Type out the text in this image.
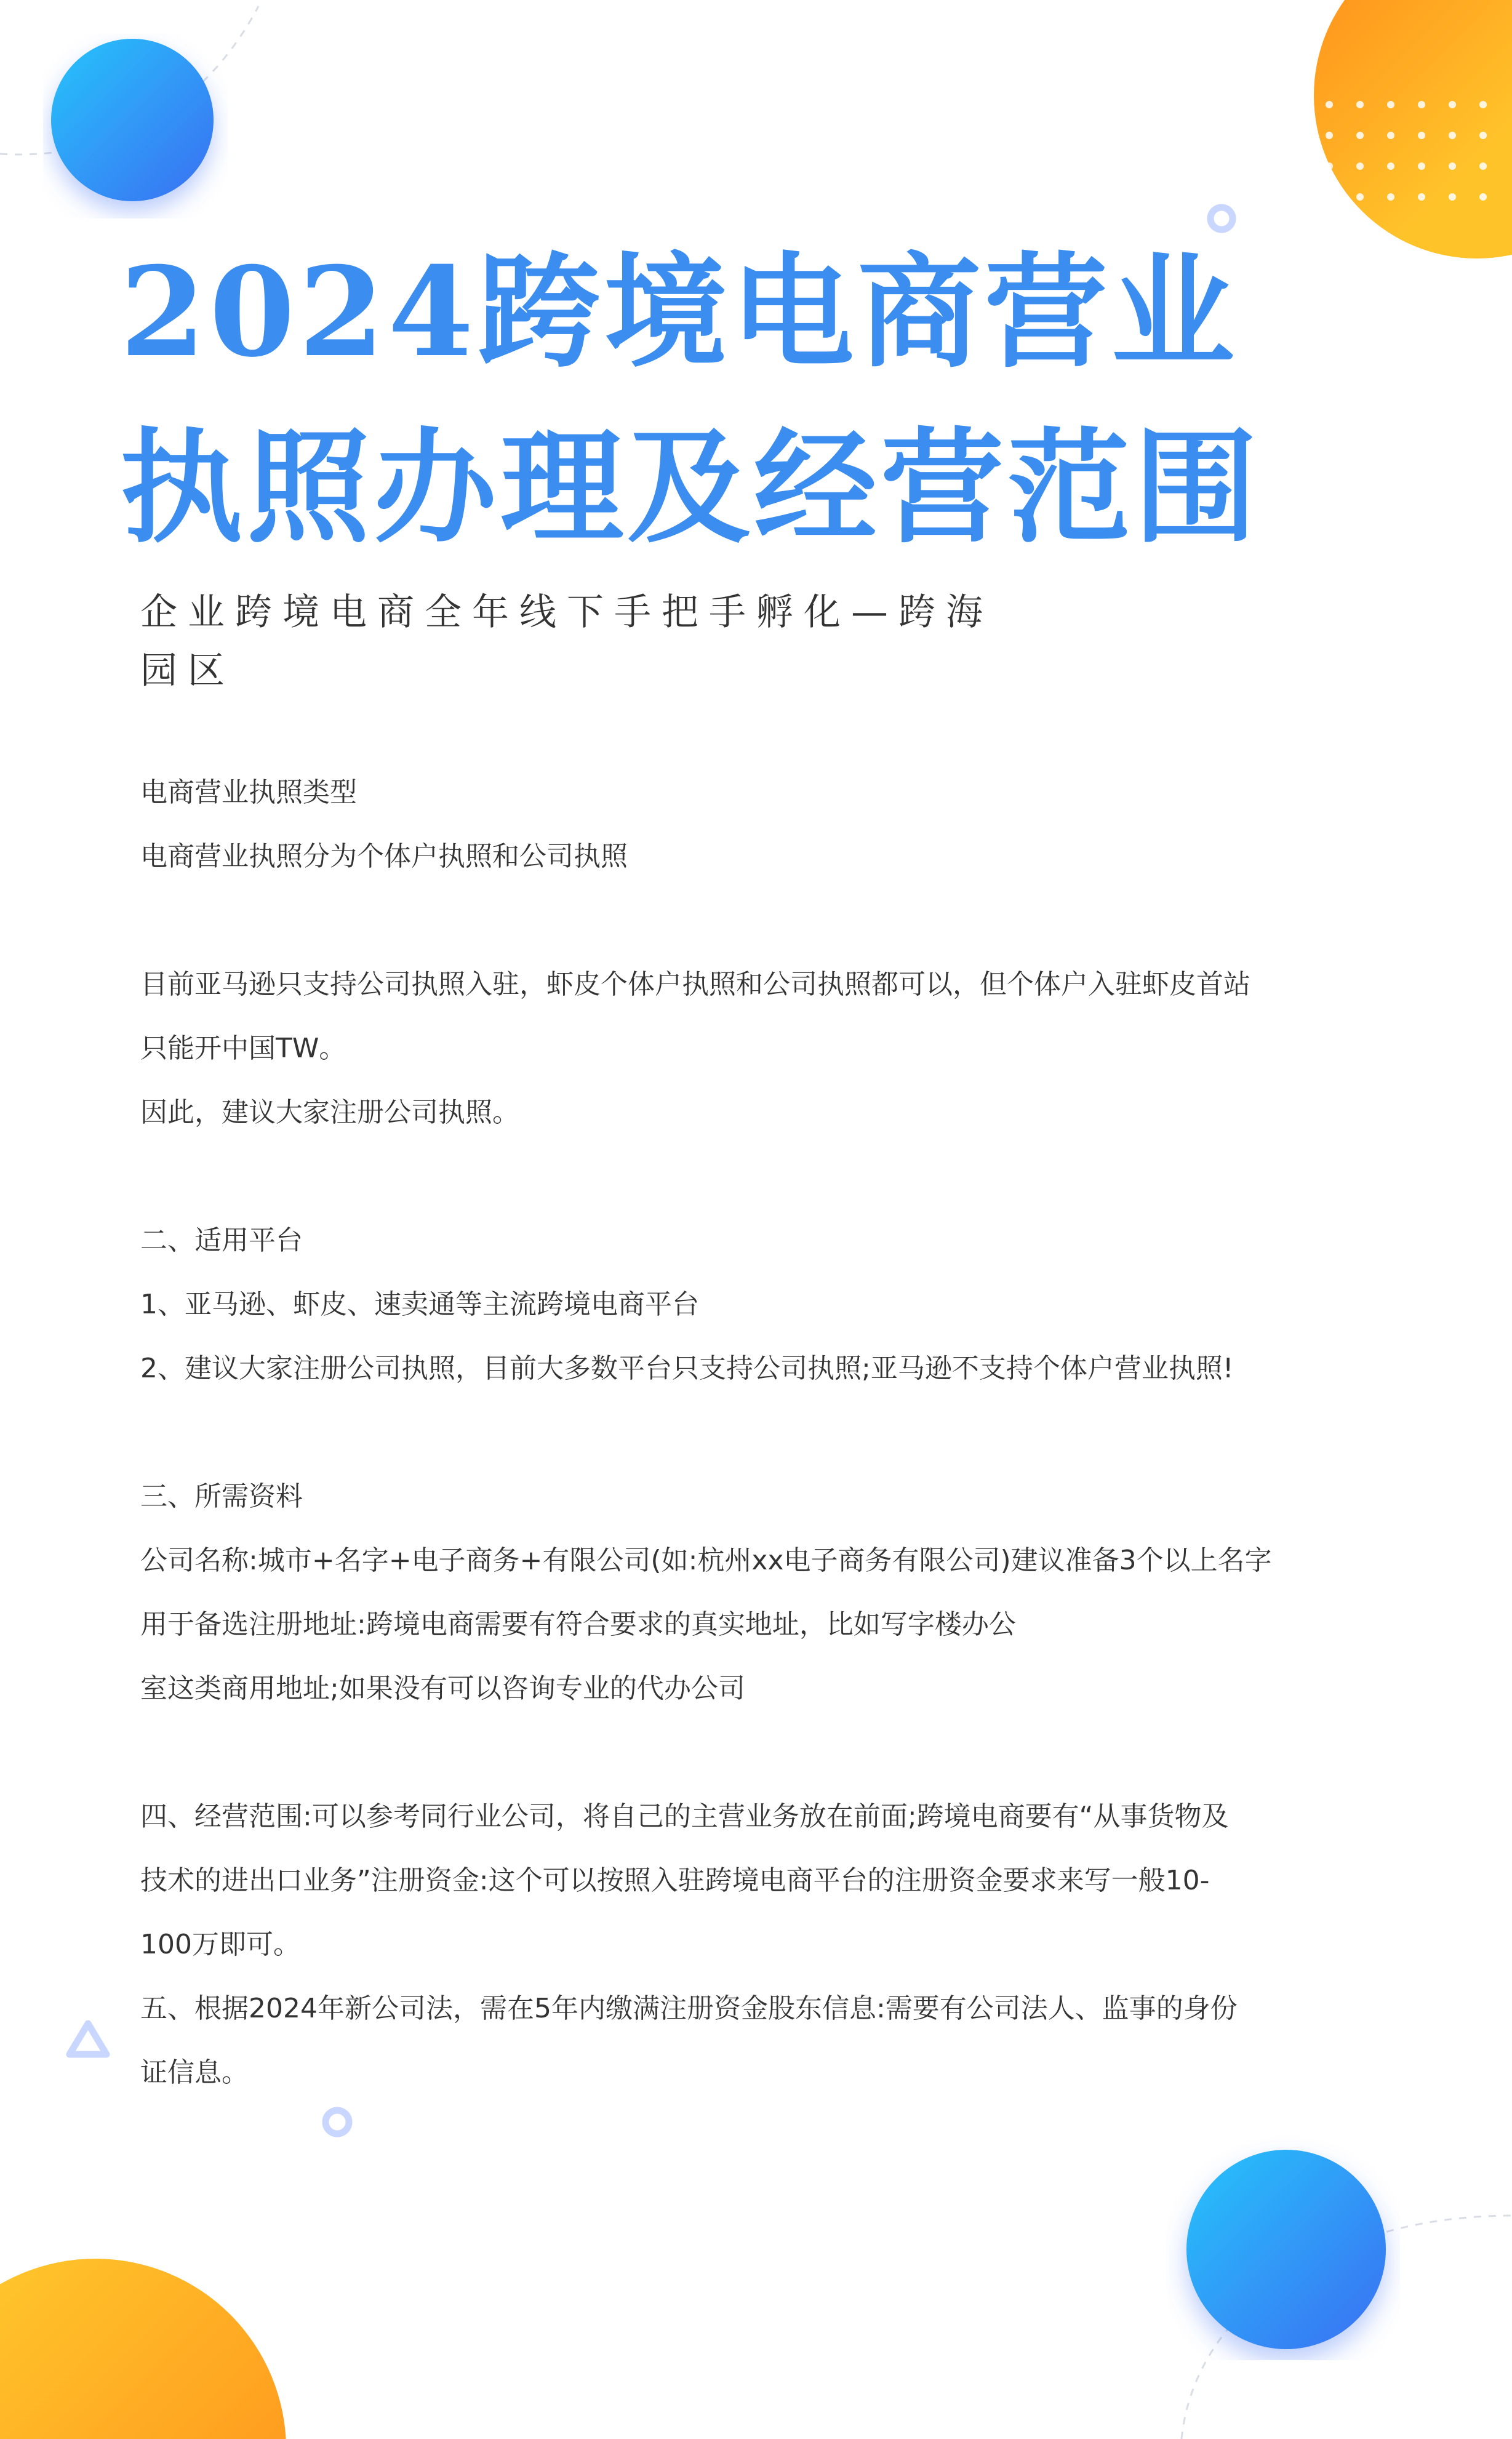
2024跨境电商营业
执照办理及经营范围
企业跨境电商全年线下手把手孵化—跨海
园区

电商营业执照类型

电商营业执照分为个体户执照和公司执照

目前亚马逊只支持公司执照入驻，虾皮个体户执照和公司执照都可以，但个体户入驻虾皮首站

只能开中国TW。

因此，建议大家注册公司执照。

二、适用平台

1、亚马逊、虾皮、速卖通等主流跨境电商平台

2、建议大家注册公司执照，目前大多数平台只支持公司执照;亚马逊不支持个体户营业执照!

三、所需资料

公司名称:城市+名字+电子商务+有限公司(如:杭州xx电子商务有限公司)建议准备3个以上名字

用于备选注册地址:跨境电商需要有符合要求的真实地址，比如写字楼办公

室这类商用地址;如果没有可以咨询专业的代办公司

四、经营范围:可以参考同行业公司，将自己的主营业务放在前面;跨境电商要有“从事货物及

技术的进出口业务”注册资金:这个可以按照入驻跨境电商平台的注册资金要求来写一般10-

100万即可。

五、根据2024年新公司法，需在5年内缴满注册资金股东信息:需要有公司法人、监事的身份

证信息。
